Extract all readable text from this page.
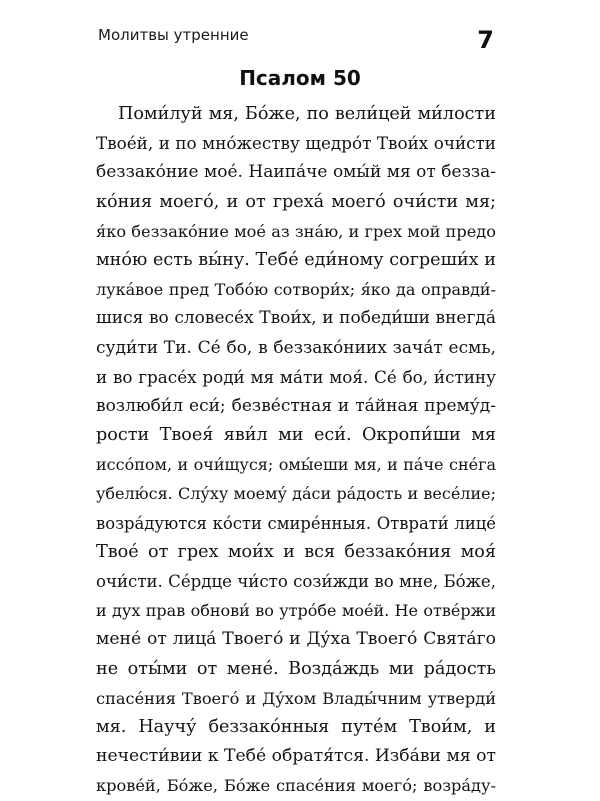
Молитвы утренние	7
Псалом 50
Поми́луй мя, Бо́же, по вели́цей ми́лости
Твое́й, и по мно́жеству щедро́т Твои́х очи́сти
беззако́ние мое́. Наипа́че омы́й мя от безза-
ко́ния моего́, и от греха́ моего́ очи́сти мя;
я́ко беззако́ние мое́ аз зна́ю, и грех мой предо
мно́ю есть вы́ну. Тебе́ еди́ному согреши́х и
лука́вое пред Тобо́ю сотвори́х; я́ко да оправди́-
шися во словесе́х Твои́х, и победи́ши внегда́
суди́ти Ти. Се́ бо, в беззако́ниих зача́т есмь,
и во грасе́х роди́ мя ма́ти моя́. Се́ бо, и́стину
возлюби́л еси́; безве́стная и та́йная прему́д-
рости Твоея́ яви́л ми еси́. Окропи́ши мя
иссо́пом, и очи́щуся; омы́еши мя, и па́че сне́га
убелю́ся. Слу́ху моему́ да́си ра́дость и весе́лие;
возра́дуются ко́сти смире́нныя. Отврати́ лице́
Твое́ от грех мои́х и вся беззако́ния моя́
очи́сти. Се́рдце чи́сто сози́жди во мне, Бо́же,
и дух прав обнови́ во утро́бе мое́й. Не отве́ржи
мене́ от лица́ Твоего́ и Ду́ха Твоего́ Свята́го
не оты́ми от мене́. Возда́ждь ми ра́дость
спасе́ния Твоего́ и Ду́хом Влады́чним утверди́
мя. Научу́ беззако́нныя путе́м Твои́м, и
нечести́вии к Тебе́ обратя́тся. Изба́ви мя от
крове́й, Бо́же, Бо́же спасе́ния моего́; возра́ду-
